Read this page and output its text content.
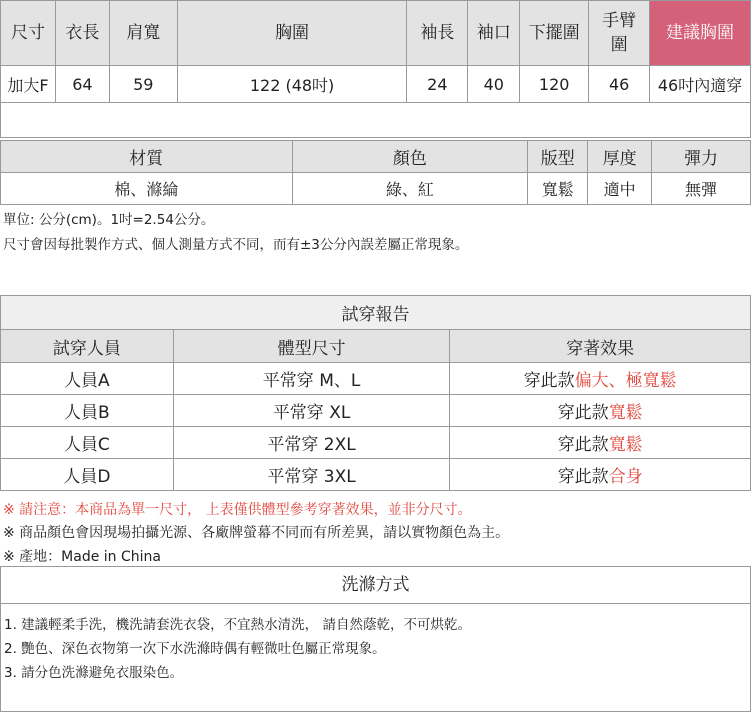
尺寸	衣長	肩寬	胸圍	袖長	袖口	下擺圍	手臂圍	建議胸圍
加大F	64	59	122 (48吋)	24	40	120	46	46吋內適穿

材質	顏色	版型	厚度	彈力
棉、滌綸	綠、紅	寬鬆	適中	無彈
單位: 公分(cm)。1吋=2.54公分。
尺寸會因每批製作方式、個人測量方式不同，而有±3公分內誤差屬正常現象。
試穿報告		
試穿人員	體型尺寸	穿著效果
人員A	平常穿 M、L	穿此款偏大、極寬鬆
人員B	平常穿 XL	穿此款寬鬆
人員C	平常穿 2XL	穿此款寬鬆
人員D	平常穿 3XL	穿此款合身
※ 請注意：本商品為單一尺寸， 上表僅供體型參考穿著效果，並非分尺寸。
※ 商品顏色會因現場拍攝光源、各廠牌螢幕不同而有所差異，請以實物顏色為主。
※ 產地：Made in China
洗滌方式
1. 建議輕柔手洗，機洗請套洗衣袋，不宜熱水清洗， 請自然蔭乾，不可烘乾。
2. 艷色、深色衣物第一次下水洗滌時偶有輕微吐色屬正常現象。
3. 請分色洗滌避免衣服染色。
